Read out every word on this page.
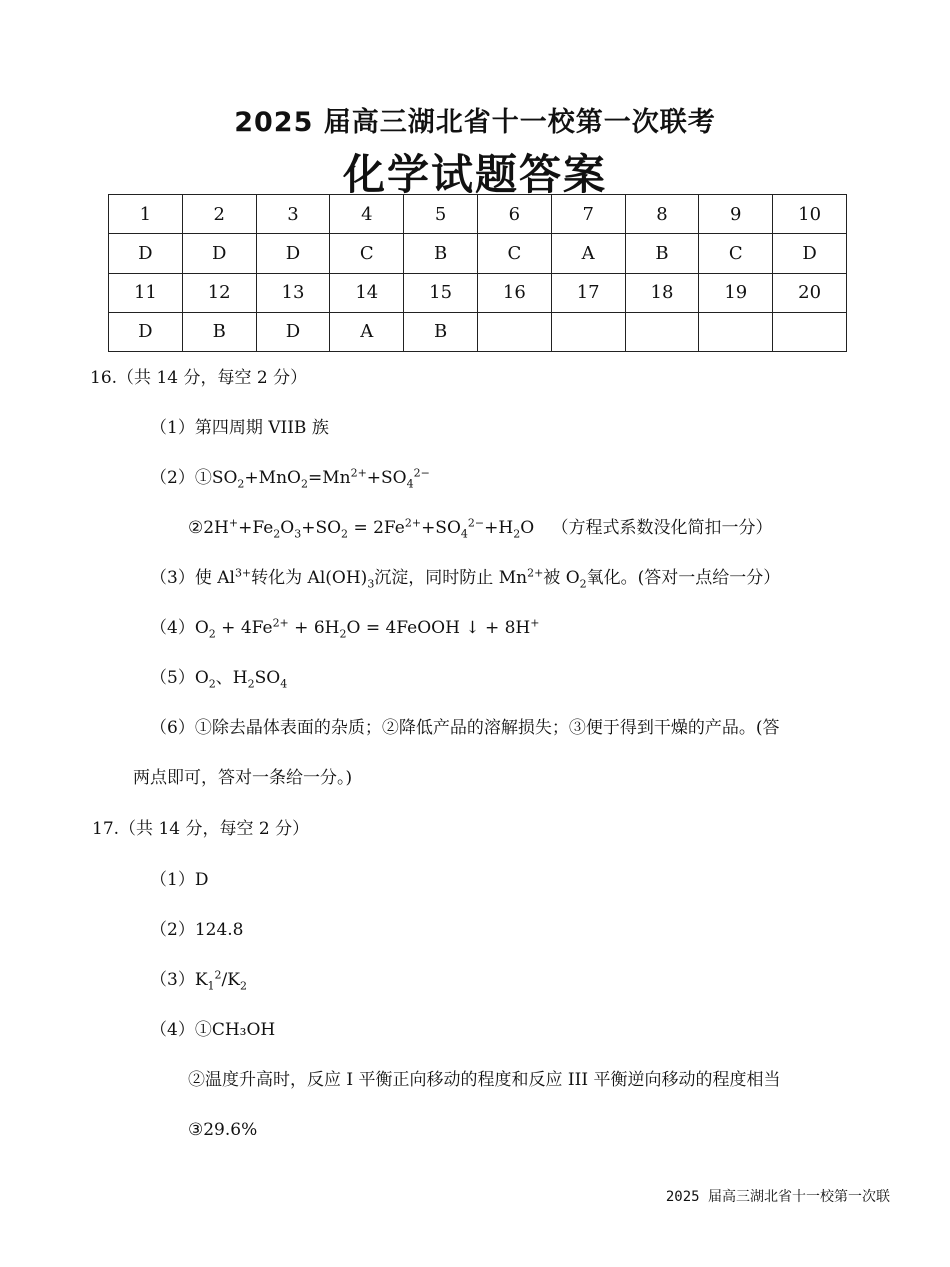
2025 届高三湖北省十一校第一次联考
化学试题答案
1	2	3	4	5	6	7	8	9	10
D	D	D	C	B	C	A	B	C	D
11	12	13	14	15	16	17	18	19	20
D	B	D	A	B					
16.（共 14 分，每空 2 分）
（1）第四周期 VIIB 族
$(2)①SO_2+MnO_2=Mn^{2+}+SO_4^{2-}$
$②2H^++Fe_2O_3+SO_2 = 2Fe^{2+}+SO_4^{2-}+H_2O$ （方程式系数没化简扣一分）
（3）使 $Al^{3+}$转化为 $Al(OH)_3$沉淀，同时防止 $Mn^{2+}$被 $O_2$氧化。(答对一点给一分）
$(4)O_2 + 4Fe^{2+} + 6H_2O$ = 4FeOOH ↓ + 8H+
$(5)O_2$、$H_2SO_4$
（6）①除去晶体表面的杂质；②降低产品的溶解损失；③便于得到干燥的产品。(答
两点即可，答对一条给一分。)
17.（共 14 分，每空 2 分）
（1）D
（2）124.8
$(3)K_1^2/K_2$
（4）①CH₃OH
②温度升高时，反应 I 平衡正向移动的程度和反应 III 平衡逆向移动的程度相当
③29.6%
2025 届高三湖北省十一校第一次联
